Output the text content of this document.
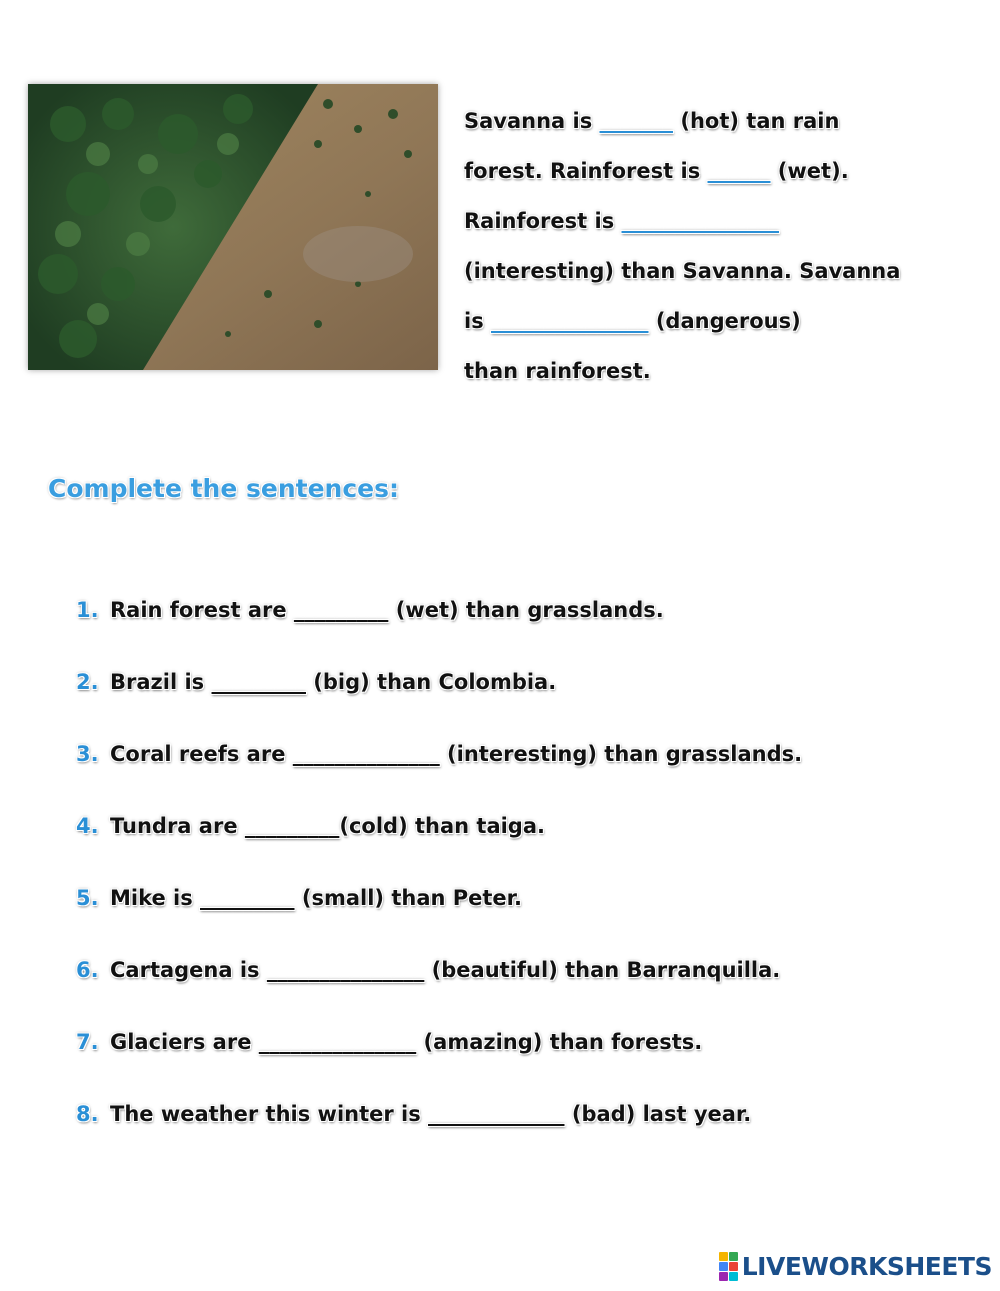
Savanna is _______ (hot) tan rain
forest. Rainforest is ______ (wet).
Rainforest is _______________
(interesting) than Savanna. Savanna
is _______________ (dangerous)
than rainforest.
Complete the sentences:
1. Rain forest are _________ (wet) than grasslands.
2. Brazil is _________ (big) than Colombia.
3. Coral reefs are ______________ (interesting) than grasslands.
4. Tundra are _________(cold) than taiga.
5. Mike is _________ (small) than Peter.
6. Cartagena is _______________ (beautiful) than Barranquilla.
7. Glaciers are _______________ (amazing) than forests.
8. The weather this winter is _____________ (bad) last year.
LIVEWORKSHEETS
